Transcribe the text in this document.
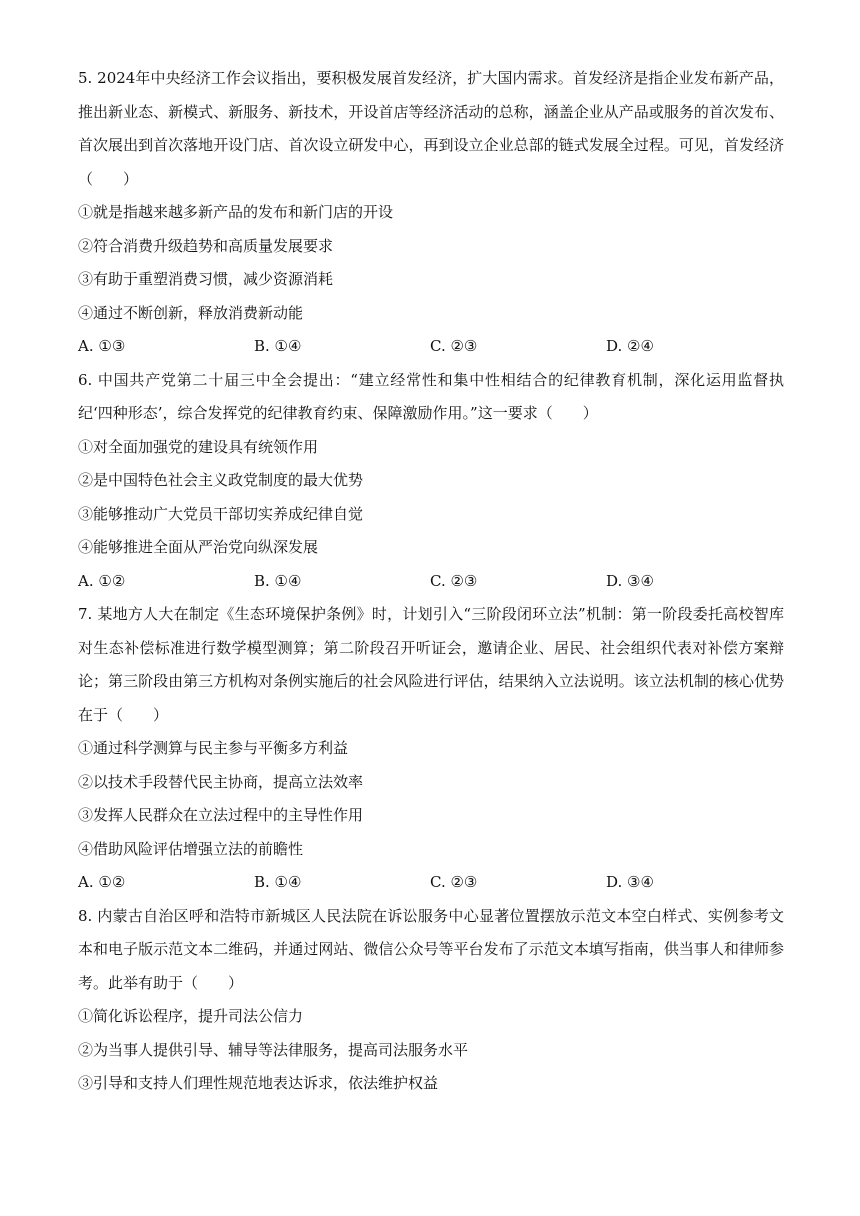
5. 2024年中央经济工作会议指出，要积极发展首发经济，扩大国内需求。首发经济是指企业发布新产品，推出新业态、新模式、新服务、新技术，开设首店等经济活动的总称，涵盖企业从产品或服务的首次发布、首次展出到首次落地开设门店、首次设立研发中心，再到设立企业总部的链式发展全过程。可见，首发经济（　　）

①就是指越来越多新产品的发布和新门店的开设

②符合消费升级趋势和高质量发展要求

③有助于重塑消费习惯，减少资源消耗

④通过不断创新，释放消费新动能

A. ①③	B. ①④	C. ②③	D. ②④

6. 中国共产党第二十届三中全会提出：“建立经常性和集中性相结合的纪律教育机制，深化运用监督执纪‘四种形态’，综合发挥党的纪律教育约束、保障激励作用。”这一要求（　　）

①对全面加强党的建设具有统领作用

②是中国特色社会主义政党制度的最大优势

③能够推动广大党员干部切实养成纪律自觉

④能够推进全面从严治党向纵深发展

A. ①②	B. ①④	C. ②③	D. ③④

7. 某地方人大在制定《生态环境保护条例》时，计划引入“三阶段闭环立法”机制：第一阶段委托高校智库对生态补偿标准进行数学模型测算；第二阶段召开听证会，邀请企业、居民、社会组织代表对补偿方案辩论；第三阶段由第三方机构对条例实施后的社会风险进行评估，结果纳入立法说明。该立法机制的核心优势在于（　　）

①通过科学测算与民主参与平衡多方利益

②以技术手段替代民主协商，提高立法效率

③发挥人民群众在立法过程中的主导性作用

④借助风险评估增强立法的前瞻性

A. ①②	B. ①④	C. ②③	D. ③④

8. 内蒙古自治区呼和浩特市新城区人民法院在诉讼服务中心显著位置摆放示范文本空白样式、实例参考文本和电子版示范文本二维码，并通过网站、微信公众号等平台发布了示范文本填写指南，供当事人和律师参考。此举有助于（　　）

①简化诉讼程序，提升司法公信力

②为当事人提供引导、辅导等法律服务，提高司法服务水平

③引导和支持人们理性规范地表达诉求，依法维护权益
